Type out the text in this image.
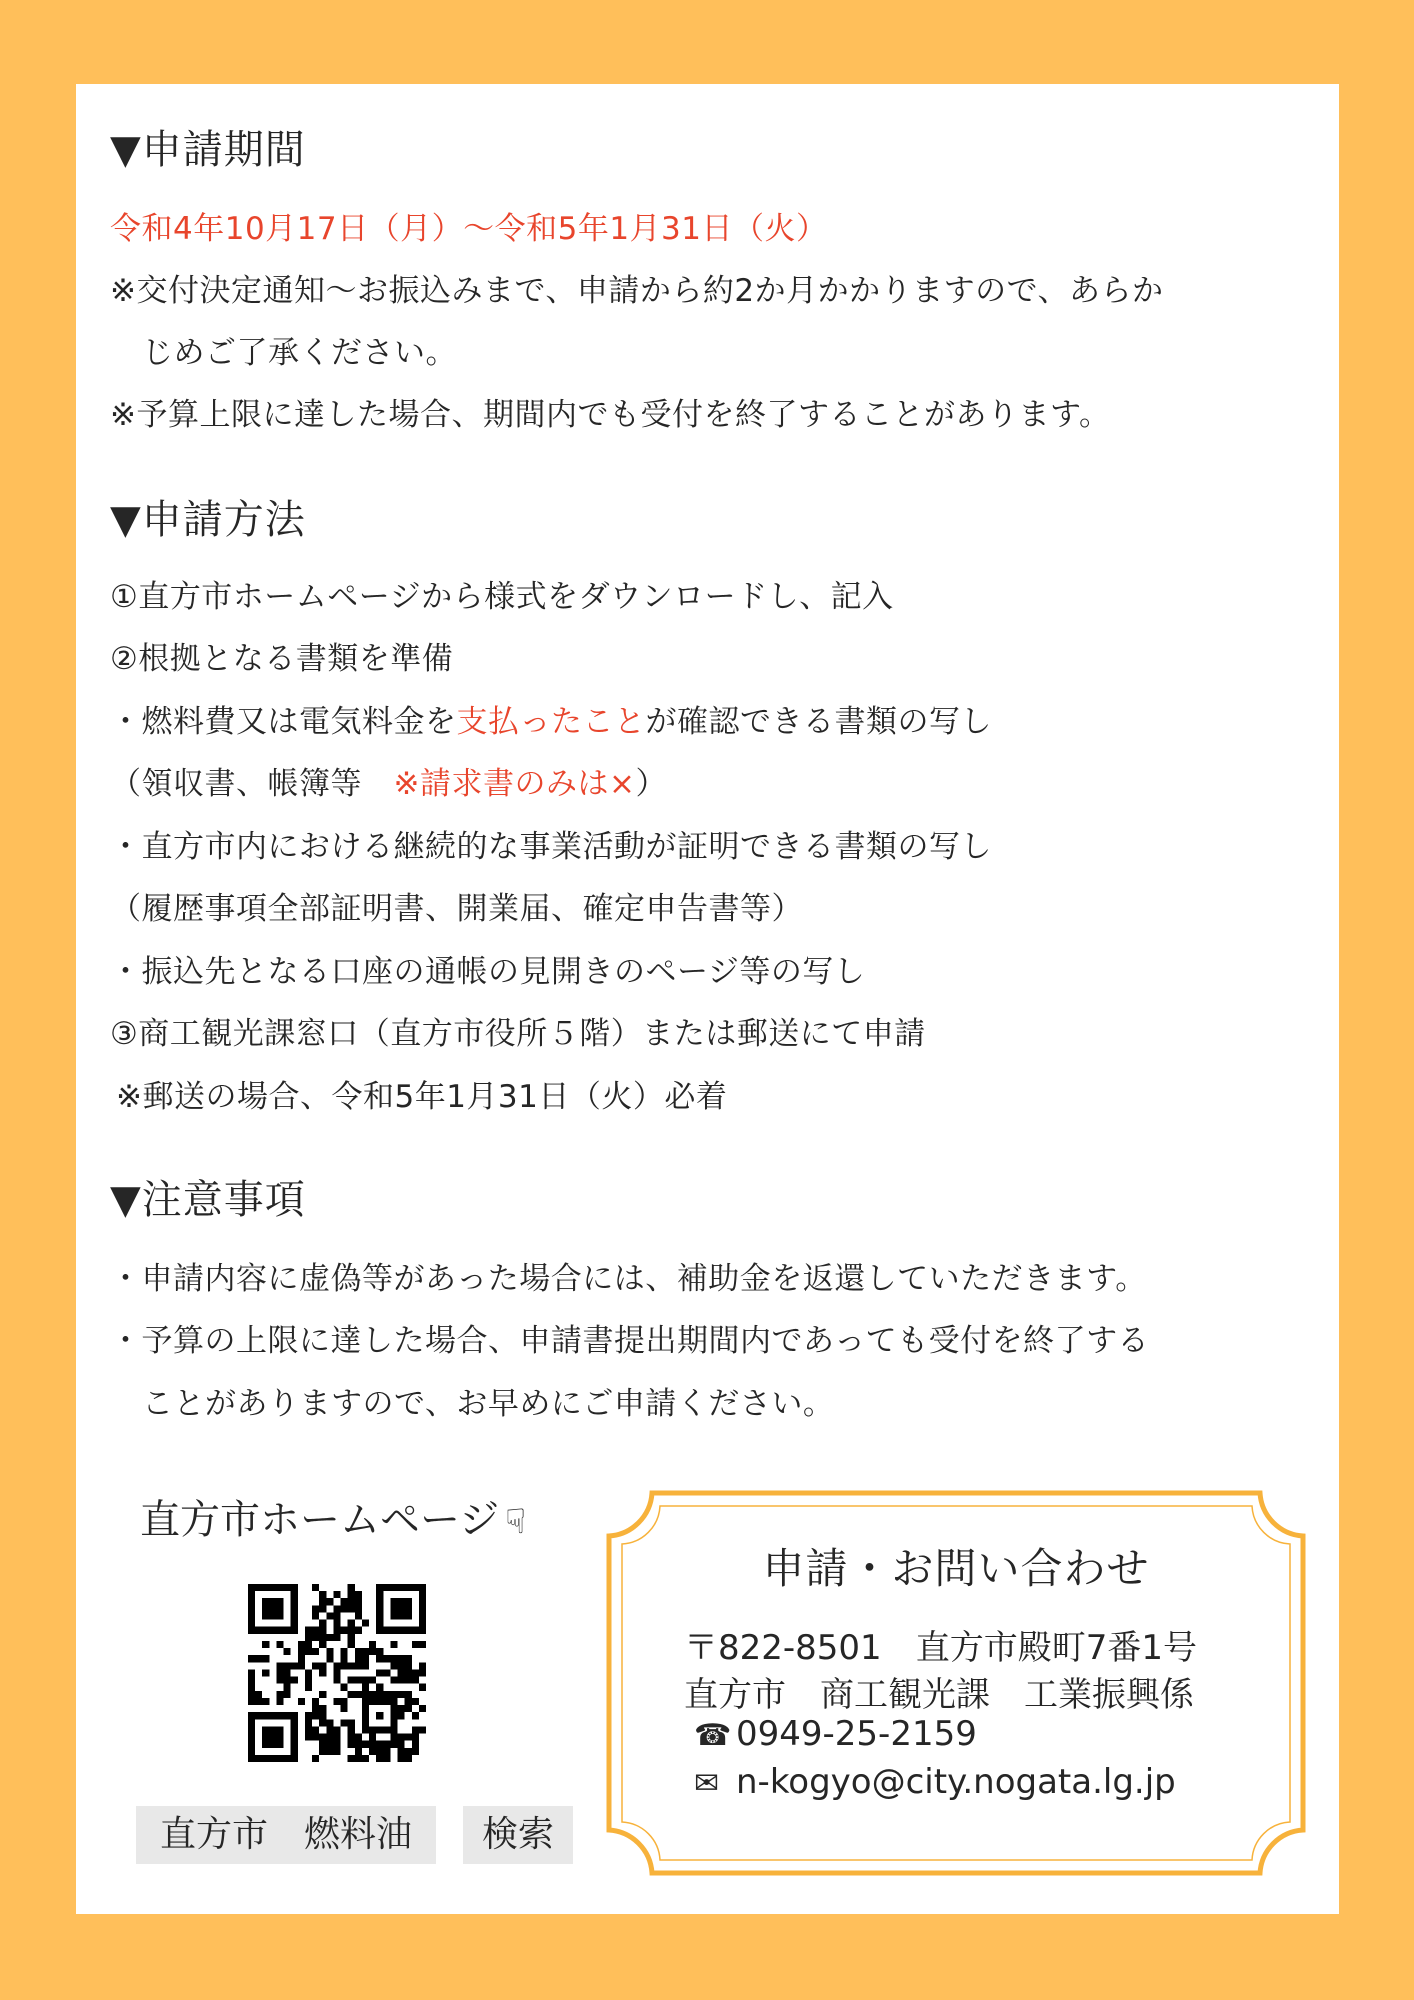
▼申請期間
令和4年10月17日（月）～令和5年1月31日（火）
※交付決定通知～お振込みまで、申請から約2か月かかりますので、あらか
じめご了承ください。
※予算上限に達した場合、期間内でも受付を終了することがあります。
▼申請方法
①直方市ホームページから様式をダウンロードし、記入
②根拠となる書類を準備
・燃料費又は電気料金を支払ったことが確認できる書類の写し
（領収書、帳簿等　※請求書のみは×）
・直方市内における継続的な事業活動が証明できる書類の写し
（履歴事項全部証明書、開業届、確定申告書等）
・振込先となる口座の通帳の見開きのページ等の写し
③商工観光課窓口（直方市役所５階）または郵送にて申請
※郵送の場合、令和5年1月31日（火）必着
▼注意事項
・申請内容に虚偽等があった場合には、補助金を返還していただきます。
・予算の上限に達した場合、申請書提出期間内であっても受付を終了する
ことがありますので、お早めにご申請ください。
直方市ホームページ ☟
直方市　燃料油	検索
申請・お問い合わせ
〒822-8501　直方市殿町7番1号
直方市　商工観光課　工業振興係
☎ 0949-25-2159
✉ n-kogyo@city.nogata.lg.jp
